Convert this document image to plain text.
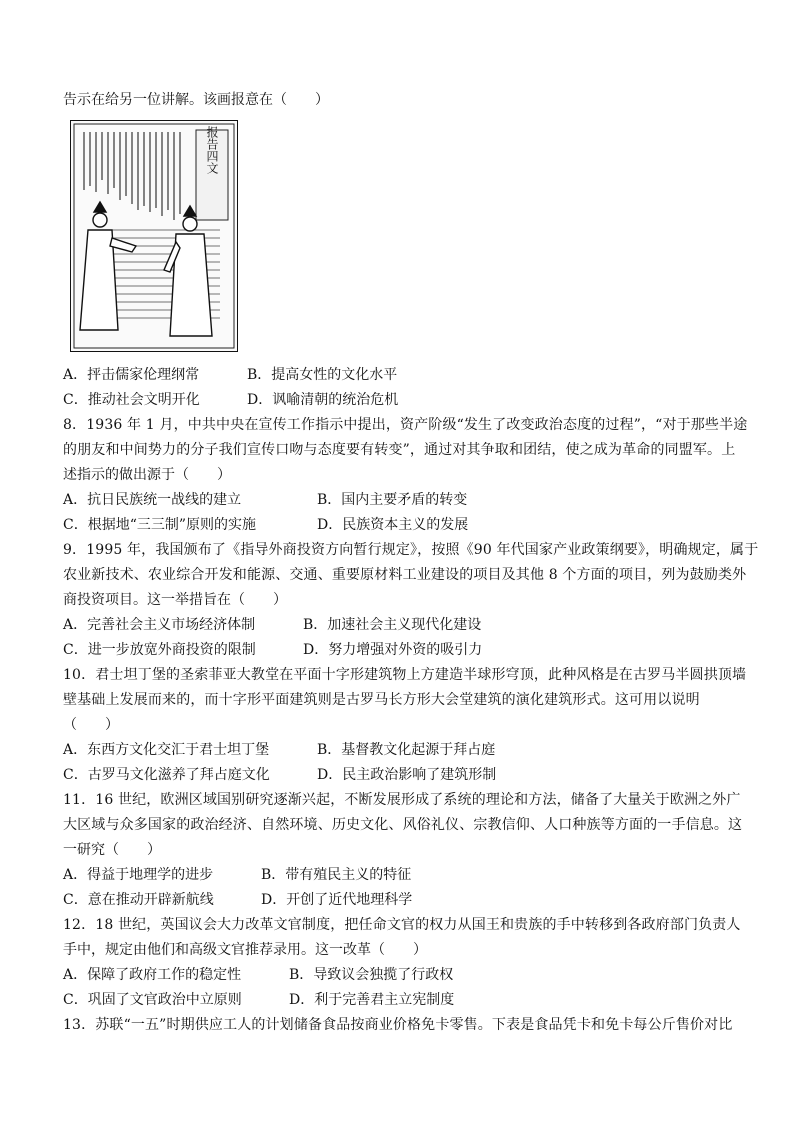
告示在给另一位讲解。该画报意在（　　）
报告四文
A．抨击儒家伦理纲常	B．提高女性的文化水平
C．推动社会文明开化	D．讽喻清朝的统治危机
8．1936 年 1 月，中共中央在宣传工作指示中提出，资产阶级“发生了改变政治态度的过程”，“对于那些半途
的朋友和中间势力的分子我们宣传口吻与态度要有转变”，通过对其争取和团结，使之成为革命的同盟军。上
述指示的做出源于（　　）
A．抗日民族统一战线的建立	B．国内主要矛盾的转变
C．根据地“三三制”原则的实施	D．民族资本主义的发展
9．1995 年，我国颁布了《指导外商投资方向暂行规定》，按照《90 年代国家产业政策纲要》，明确规定，属于
农业新技术、农业综合开发和能源、交通、重要原材料工业建设的项目及其他 8 个方面的项目，列为鼓励类外
商投资项目。这一举措旨在（　　）
A．完善社会主义市场经济体制	B．加速社会主义现代化建设
C．进一步放宽外商投资的限制	D．努力增强对外资的吸引力
10．君士坦丁堡的圣索菲亚大教堂在平面十字形建筑物上方建造半球形穹顶，此种风格是在古罗马半圆拱顶墙
壁基础上发展而来的，而十字形平面建筑则是古罗马长方形大会堂建筑的演化建筑形式。这可用以说明
（　　）
A．东西方文化交汇于君士坦丁堡	B．基督教文化起源于拜占庭
C．古罗马文化滋养了拜占庭文化	D．民主政治影响了建筑形制
11．16 世纪，欧洲区域国别研究逐渐兴起，不断发展形成了系统的理论和方法，储备了大量关于欧洲之外广
大区域与众多国家的政治经济、自然环境、历史文化、风俗礼仪、宗教信仰、人口种族等方面的一手信息。这
一研究（　　）
A．得益于地理学的进步	B．带有殖民主义的特征
C．意在推动开辟新航线	D．开创了近代地理科学
12．18 世纪，英国议会大力改革文官制度，把任命文官的权力从国王和贵族的手中转移到各政府部门负责人
手中，规定由他们和高级文官推荐录用。这一改革（　　）
A．保障了政府工作的稳定性	B．导致议会独揽了行政权
C．巩固了文官政治中立原则	D．利于完善君主立宪制度
13．苏联“一五”时期供应工人的计划储备食品按商业价格免卡零售。下表是食品凭卡和免卡每公斤售价对比
